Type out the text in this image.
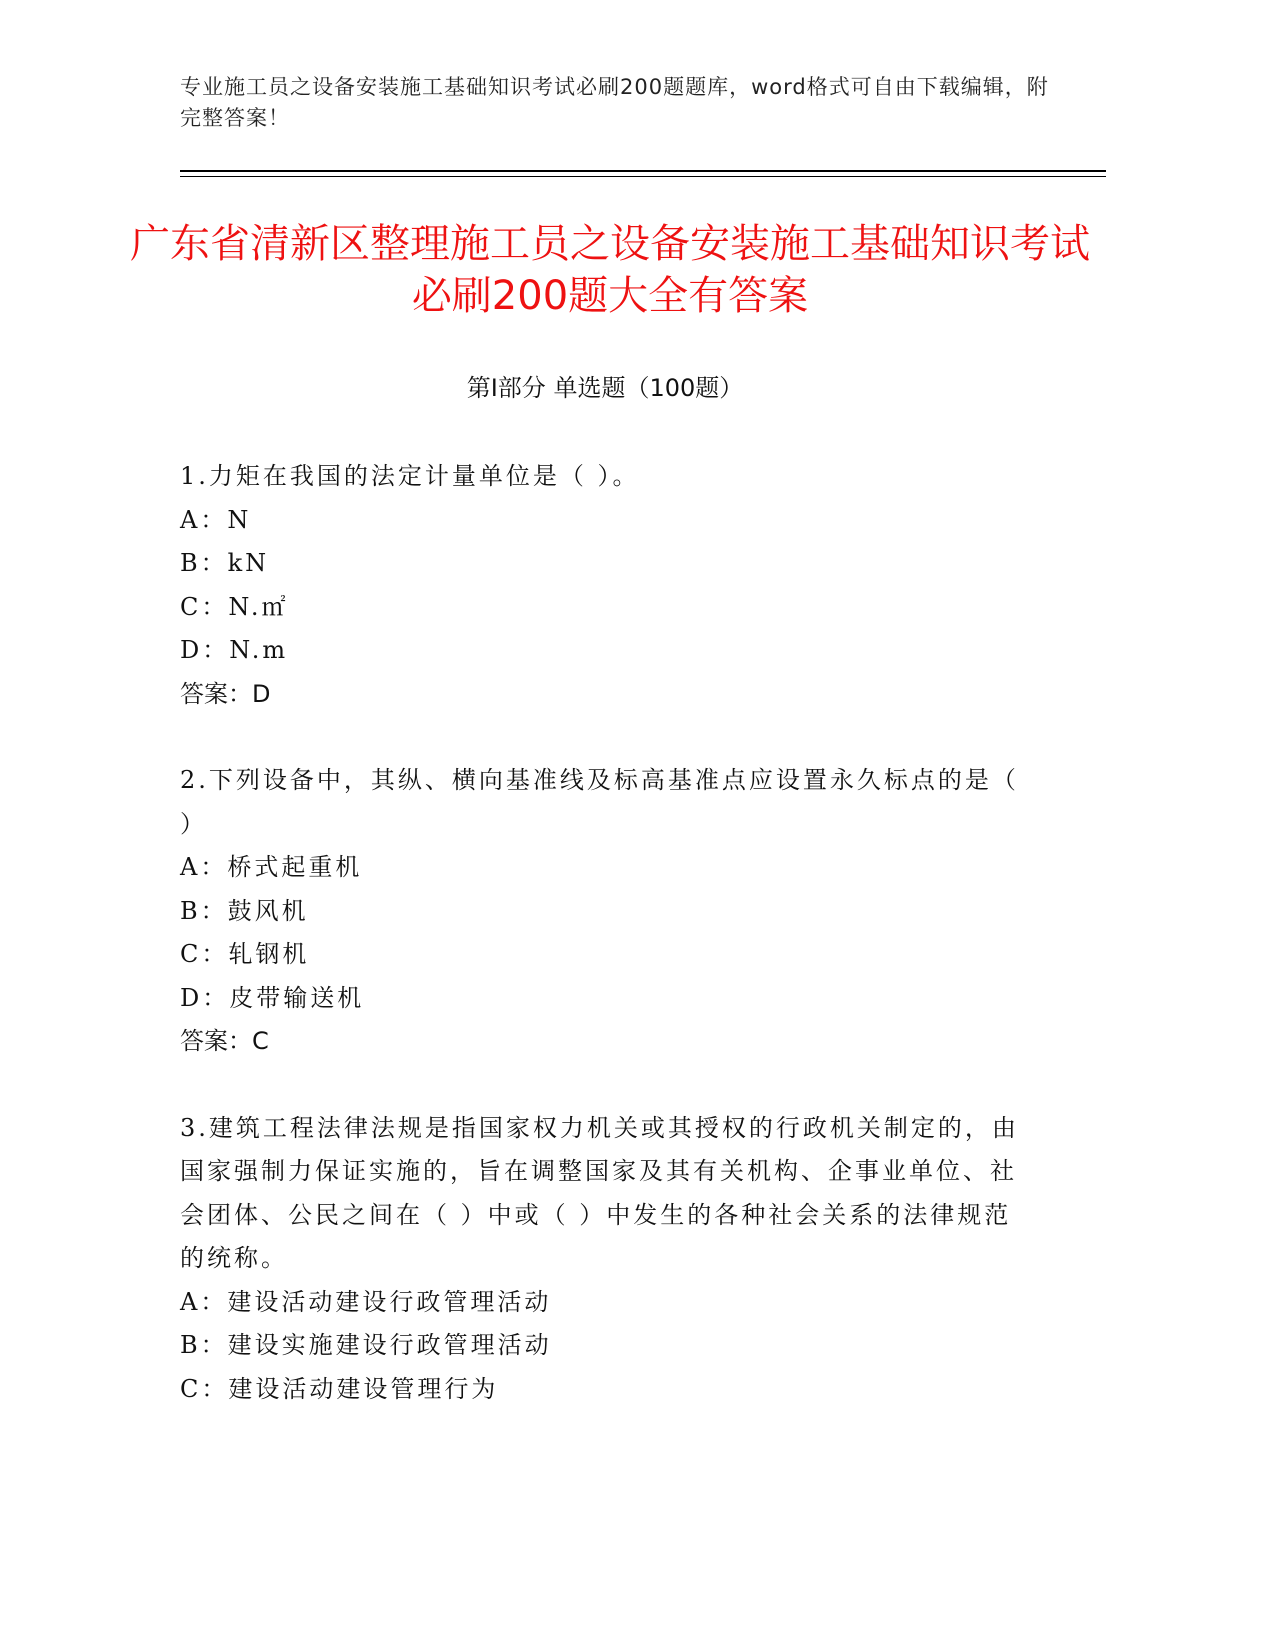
专业施工员之设备安装施工基础知识考试必刷200题题库，word格式可自由下载编辑，附完整答案！
广东省清新区整理施工员之设备安装施工基础知识考试必刷200题大全有答案
第Ⅰ部分 单选题（100题）

1.力矩在我国的法定计量单位是（ ）。

A：N

B：kN

C：N.㎡

D：N.m

答案：D

2.下列设备中，其纵、横向基准线及标高基准点应设置永久标点的是（ ）

A：桥式起重机

B：鼓风机

C：轧钢机

D：皮带输送机

答案：C

3.建筑工程法律法规是指国家权力机关或其授权的行政机关制定的，由国家强制力保证实施的，旨在调整国家及其有关机构、企事业单位、社会团体、公民之间在（ ）中或（ ）中发生的各种社会关系的法律规范的统称。

A：建设活动建设行政管理活动

B：建设实施建设行政管理活动

C：建设活动建设管理行为
